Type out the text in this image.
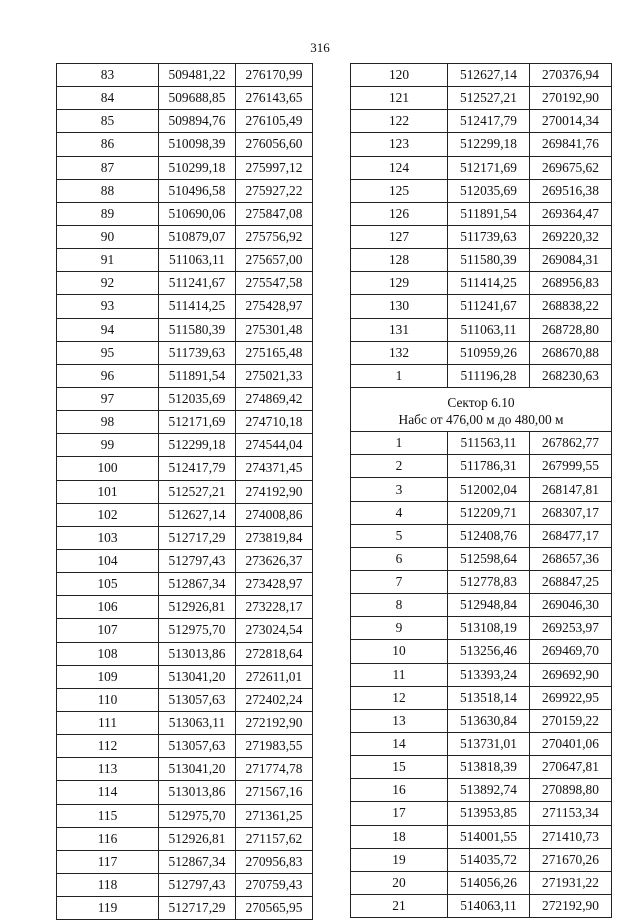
316
83	509481,22	276170,99
84	509688,85	276143,65
85	509894,76	276105,49
86	510098,39	276056,60
87	510299,18	275997,12
88	510496,58	275927,22
89	510690,06	275847,08
90	510879,07	275756,92
91	511063,11	275657,00
92	511241,67	275547,58
93	511414,25	275428,97
94	511580,39	275301,48
95	511739,63	275165,48
96	511891,54	275021,33
97	512035,69	274869,42
98	512171,69	274710,18
99	512299,18	274544,04
100	512417,79	274371,45
101	512527,21	274192,90
102	512627,14	274008,86
103	512717,29	273819,84
104	512797,43	273626,37
105	512867,34	273428,97
106	512926,81	273228,17
107	512975,70	273024,54
108	513013,86	272818,64
109	513041,20	272611,01
110	513057,63	272402,24
111	513063,11	272192,90
112	513057,63	271983,55
113	513041,20	271774,78
114	513013,86	271567,16
115	512975,70	271361,25
116	512926,81	271157,62
117	512867,34	270956,83
118	512797,43	270759,43
119	512717,29	270565,95
120	512627,14	270376,94
121	512527,21	270192,90
122	512417,79	270014,34
123	512299,18	269841,76
124	512171,69	269675,62
125	512035,69	269516,38
126	511891,54	269364,47
127	511739,63	269220,32
128	511580,39	269084,31
129	511414,25	268956,83
130	511241,67	268838,22
131	511063,11	268728,80
132	510959,26	268670,88
1	511196,28	268230,63

Сектор 6.10
Набс от 476,00 м до 480,00 м		

1	511563,11	267862,77
2	511786,31	267999,55
3	512002,04	268147,81
4	512209,71	268307,17
5	512408,76	268477,17
6	512598,64	268657,36
7	512778,83	268847,25
8	512948,84	269046,30
9	513108,19	269253,97
10	513256,46	269469,70
11	513393,24	269692,90
12	513518,14	269922,95
13	513630,84	270159,22
14	513731,01	270401,06
15	513818,39	270647,81
16	513892,74	270898,80
17	513953,85	271153,34
18	514001,55	271410,73
19	514035,72	271670,26
20	514056,26	271931,22
21	514063,11	272192,90
